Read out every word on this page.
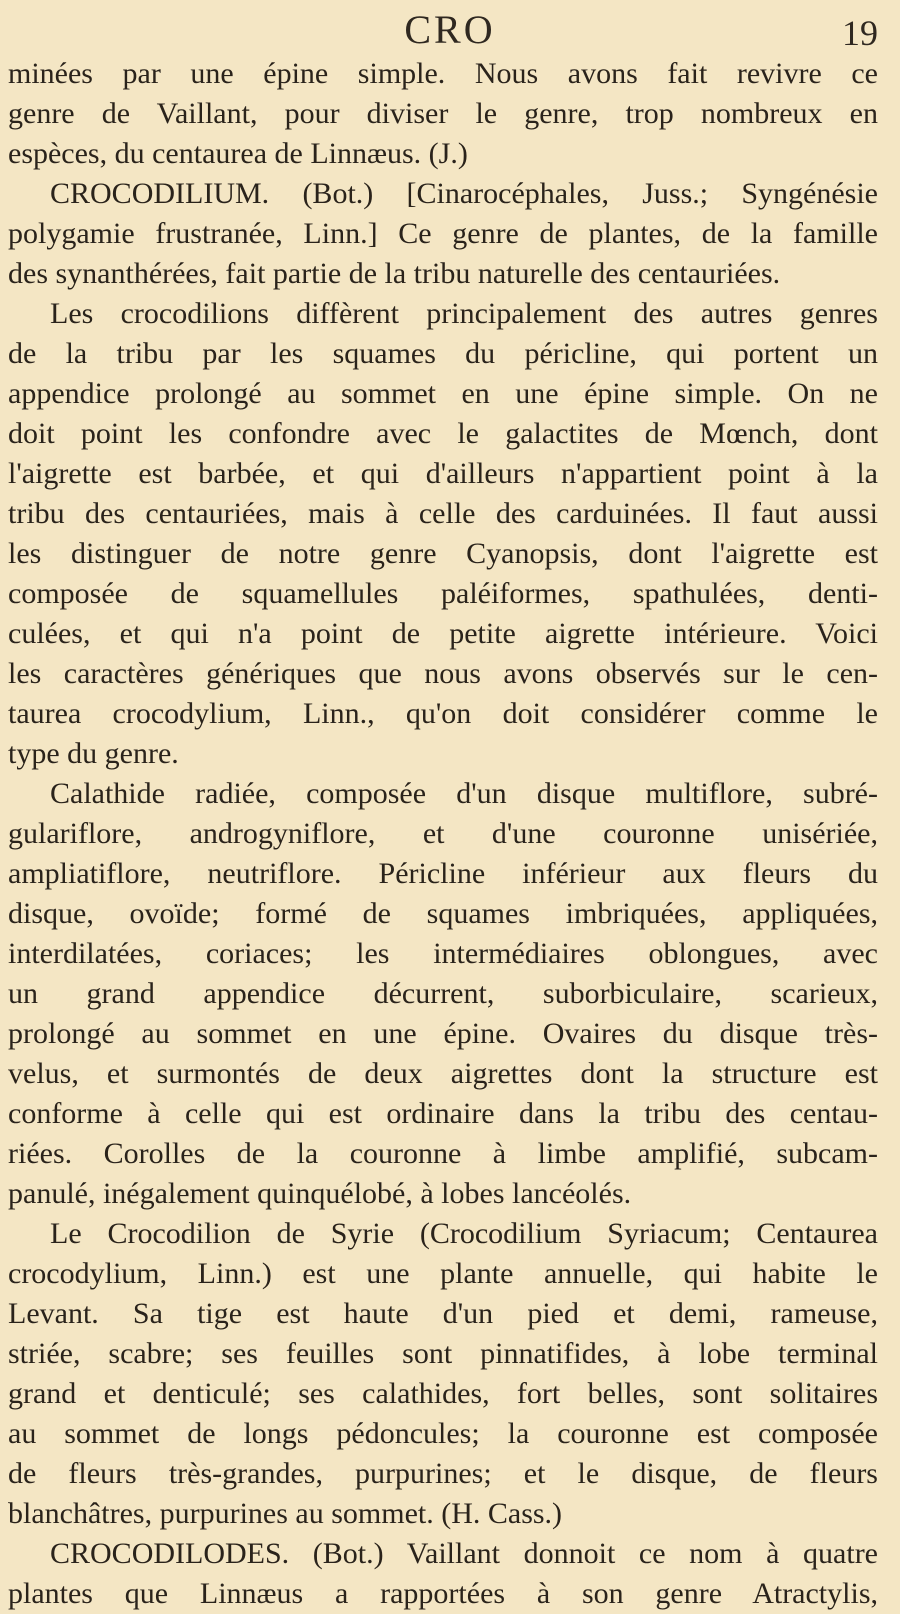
CRO	19
minées par une épine simple. Nous avons fait revivre ce
genre de Vaillant, pour diviser le genre, trop nombreux en
espèces, du centaurea de Linnæus. (J.)
CROCODILIUM. (Bot.) [Cinarocéphales, Juss.; Syngénésie
polygamie frustranée, Linn.] Ce genre de plantes, de la famille
des synanthérées, fait partie de la tribu naturelle des centauriées.
Les crocodilions diffèrent principalement des autres genres
de la tribu par les squames du péricline, qui portent un
appendice prolongé au sommet en une épine simple. On ne
doit point les confondre avec le galactites de Mœnch, dont
l'aigrette est barbée, et qui d'ailleurs n'appartient point à la
tribu des centauriées, mais à celle des carduinées. Il faut aussi
les distinguer de notre genre Cyanopsis, dont l'aigrette est
composée de squamellules paléiformes, spathulées, denti-
culées, et qui n'a point de petite aigrette intérieure. Voici
les caractères génériques que nous avons observés sur le cen-
taurea crocodylium, Linn., qu'on doit considérer comme le
type du genre.
Calathide radiée, composée d'un disque multiflore, subré-
gulariflore, androgyniflore, et d'une couronne unisériée,
ampliatiflore, neutriflore. Péricline inférieur aux fleurs du
disque, ovoïde; formé de squames imbriquées, appliquées,
interdilatées, coriaces; les intermédiaires oblongues, avec
un grand appendice décurrent, suborbiculaire, scarieux,
prolongé au sommet en une épine. Ovaires du disque très-
velus, et surmontés de deux aigrettes dont la structure est
conforme à celle qui est ordinaire dans la tribu des centau-
riées. Corolles de la couronne à limbe amplifié, subcam-
panulé, inégalement quinquélobé, à lobes lancéolés.
Le Crocodilion de Syrie (Crocodilium Syriacum; Centaurea
crocodylium, Linn.) est une plante annuelle, qui habite le
Levant. Sa tige est haute d'un pied et demi, rameuse,
striée, scabre; ses feuilles sont pinnatifides, à lobe terminal
grand et denticulé; ses calathides, fort belles, sont solitaires
au sommet de longs pédoncules; la couronne est composée
de fleurs très-grandes, purpurines; et le disque, de fleurs
blanchâtres, purpurines au sommet. (H. Cass.)
CROCODILODES. (Bot.) Vaillant donnoit ce nom à quatre
plantes que Linnæus a rapportées à son genre Atractylis,
